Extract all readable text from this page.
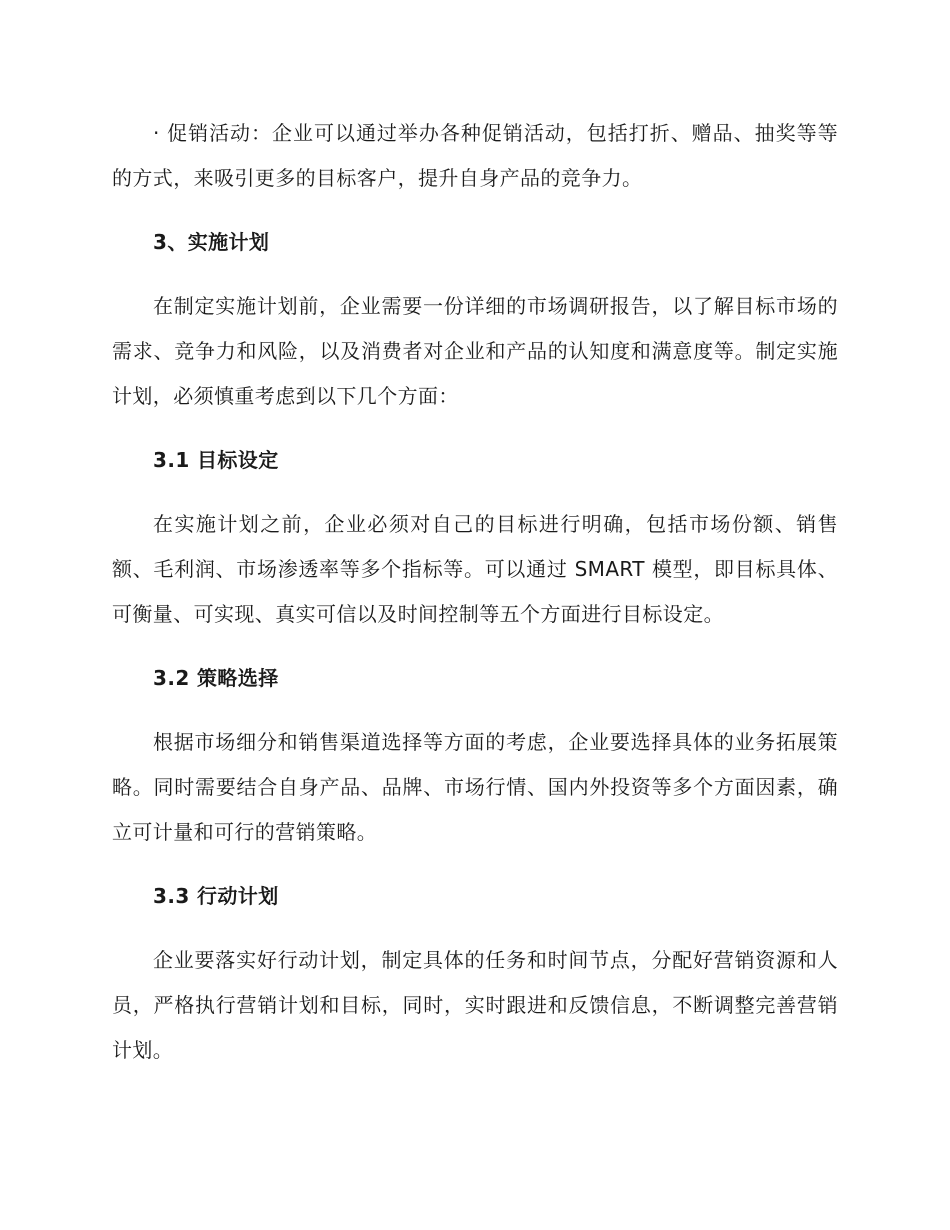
· 促销活动：企业可以通过举办各种促销活动，包括打折、赠品、抽奖等等的方式，来吸引更多的目标客户，提升自身产品的竞争力。

3、实施计划

在制定实施计划前，企业需要一份详细的市场调研报告，以了解目标市场的需求、竞争力和风险，以及消费者对企业和产品的认知度和满意度等。制定实施计划，必须慎重考虑到以下几个方面：

3.1 目标设定

在实施计划之前，企业必须对自己的目标进行明确，包括市场份额、销售额、毛利润、市场渗透率等多个指标等。可以通过 SMART 模型，即目标具体、可衡量、可实现、真实可信以及时间控制等五个方面进行目标设定。

3.2 策略选择

根据市场细分和销售渠道选择等方面的考虑，企业要选择具体的业务拓展策略。同时需要结合自身产品、品牌、市场行情、国内外投资等多个方面因素，确立可计量和可行的营销策略。

3.3 行动计划

企业要落实好行动计划，制定具体的任务和时间节点，分配好营销资源和人员，严格执行营销计划和目标，同时，实时跟进和反馈信息，不断调整完善营销计划。
